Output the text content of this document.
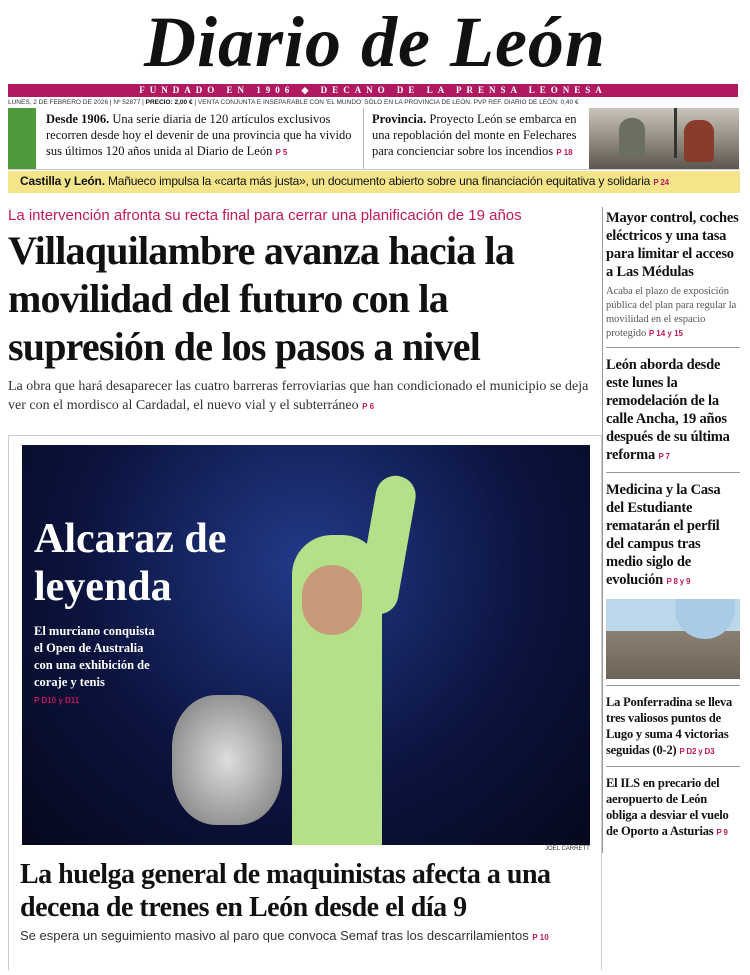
Diario de León
FUNDADO EN 1906 ◆ DECANO DE LA PRENSA LEONESA
LUNES, 2 DE FEBRERO DE 2026 | Nº 52877 | PRECIO: 2,00 € | VENTA CONJUNTA E INSEPARABLE CON 'EL MUNDO' SÓLO EN LA PROVINCIA DE LEÓN. PVP REF. DIARIO DE LEÓN: 0,40 €
Desde 1906. Una serie diaria de 120 artículos exclusivos recorren desde hoy el devenir de una provincia que ha vivido sus últimos 120 años unida al Diario de León P 5
Provincia. Proyecto León se embarca en una repoblación del monte en Felechares para concienciar sobre los incendios P 18
Castilla y León. Mañueco impulsa la «carta más justa», un documento abierto sobre una financiación equitativa y solidaria P 24
La intervención afronta su recta final para cerrar una planificación de 19 años
Villaquilambre avanza hacia la movilidad del futuro con la supresión de los pasos a nivel
La obra que hará desaparecer las cuatro barreras ferroviarias que han condicionado el municipio se deja ver con el mordisco al Cardadal, el nuevo vial y el subterráneo P 6
Mayor control, coches eléctricos y una tasa para limitar el acceso a Las Médulas

Acaba el plazo de exposición pública del plan para regular la movilidad en el espacio protegido P 14 y 15

León aborda desde este lunes la remodelación de la calle Ancha, 19 años después de su última reforma P 7
Medicina y la Casa del Estudiante rematarán el perfil del campus tras medio siglo de evolución P 8 y 9
La Ponferradina se lleva tres valiosos puntos de Lugo y suma 4 victorias seguidas (0-2) P D2 y D3
El ILS en precario del aeropuerto de León obliga a desviar el vuelo de Oporto a Asturias P 9
Alcaraz de leyenda
El murciano conquista el Open de Australia con una exhibición de coraje y tenis
P D10 y D11
JOEL CARRETT
La huelga general de maquinistas afecta a una decena de trenes en León desde el día 9
Se espera un seguimiento masivo al paro que convoca Semaf tras los descarrilamientos P 10
